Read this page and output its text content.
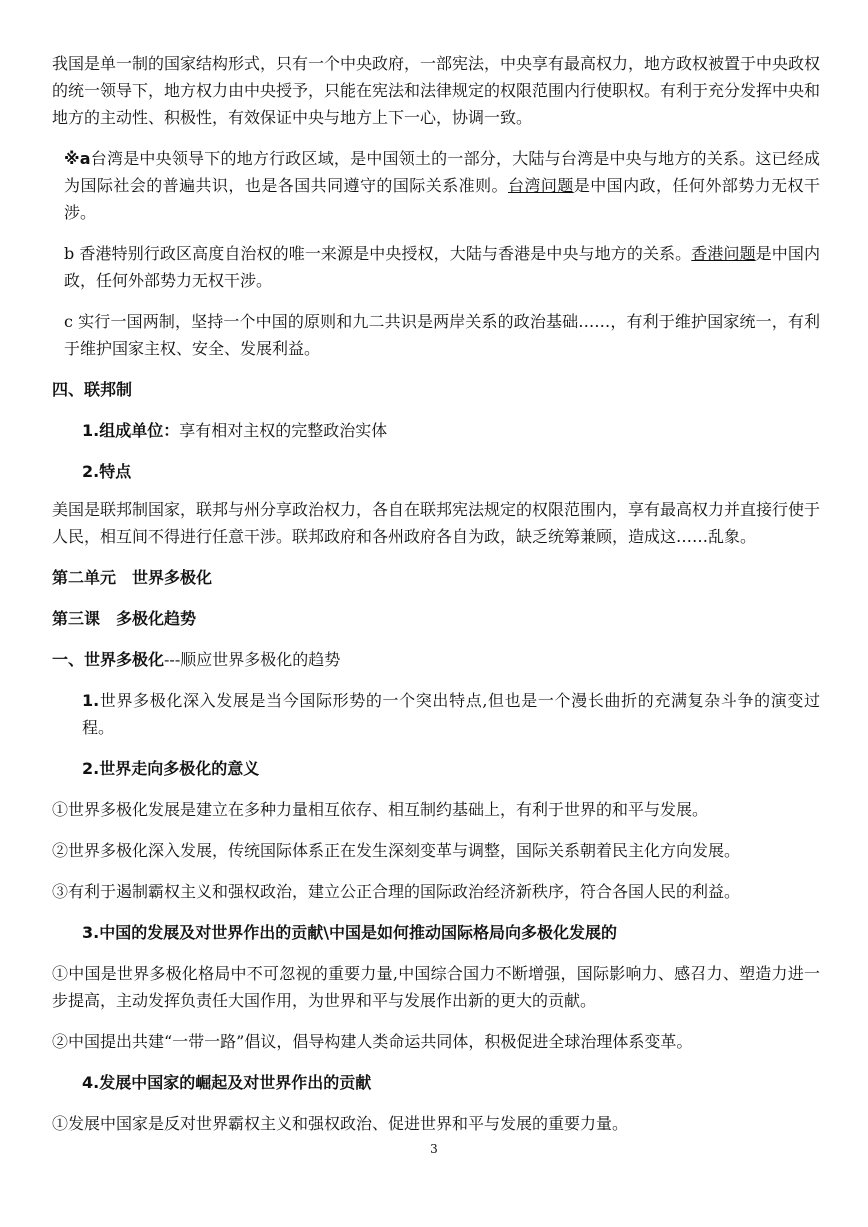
我国是单一制的国家结构形式，只有一个中央政府，一部宪法，中央享有最高权力，地方政权被置于中央政权的统一领导下，地方权力由中央授予，只能在宪法和法律规定的权限范围内行使职权。有利于充分发挥中央和地方的主动性、积极性，有效保证中央与地方上下一心，协调一致。

※a台湾是中央领导下的地方行政区域，是中国领土的一部分，大陆与台湾是中央与地方的关系。这已经成为国际社会的普遍共识，也是各国共同遵守的国际关系准则。台湾问题是中国内政，任何外部势力无权干涉。

b 香港特别行政区高度自治权的唯一来源是中央授权，大陆与香港是中央与地方的关系。香港问题是中国内政，任何外部势力无权干涉。

c 实行一国两制，坚持一个中国的原则和九二共识是两岸关系的政治基础……，有利于维护国家统一，有利于维护国家主权、安全、发展利益。

四、联邦制

1.组成单位：享有相对主权的完整政治实体

2.特点

美国是联邦制国家，联邦与州分享政治权力，各自在联邦宪法规定的权限范围内，享有最高权力并直接行使于人民，相互间不得进行任意干涉。联邦政府和各州政府各自为政，缺乏统筹兼顾，造成这……乱象。

第二单元　世界多极化

第三课　多极化趋势

一、世界多极化---顺应世界多极化的趋势

1.世界多极化深入发展是当今国际形势的一个突出特点,但也是一个漫长曲折的充满复杂斗争的演变过程。

2.世界走向多极化的意义

①世界多极化发展是建立在多种力量相互依存、相互制约基础上，有利于世界的和平与发展。

②世界多极化深入发展，传统国际体系正在发生深刻变革与调整，国际关系朝着民主化方向发展。

③有利于遏制霸权主义和强权政治，建立公正合理的国际政治经济新秩序，符合各国人民的利益。

3.中国的发展及对世界作出的贡献\中国是如何推动国际格局向多极化发展的

①中国是世界多极化格局中不可忽视的重要力量,中国综合国力不断增强，国际影响力、感召力、塑造力进一步提高，主动发挥负责任大国作用，为世界和平与发展作出新的更大的贡献。

②中国提出共建“一带一路”倡议，倡导构建人类命运共同体，积极促进全球治理体系变革。

4.发展中国家的崛起及对世界作出的贡献

①发展中国家是反对世界霸权主义和强权政治、促进世界和平与发展的重要力量。

3
